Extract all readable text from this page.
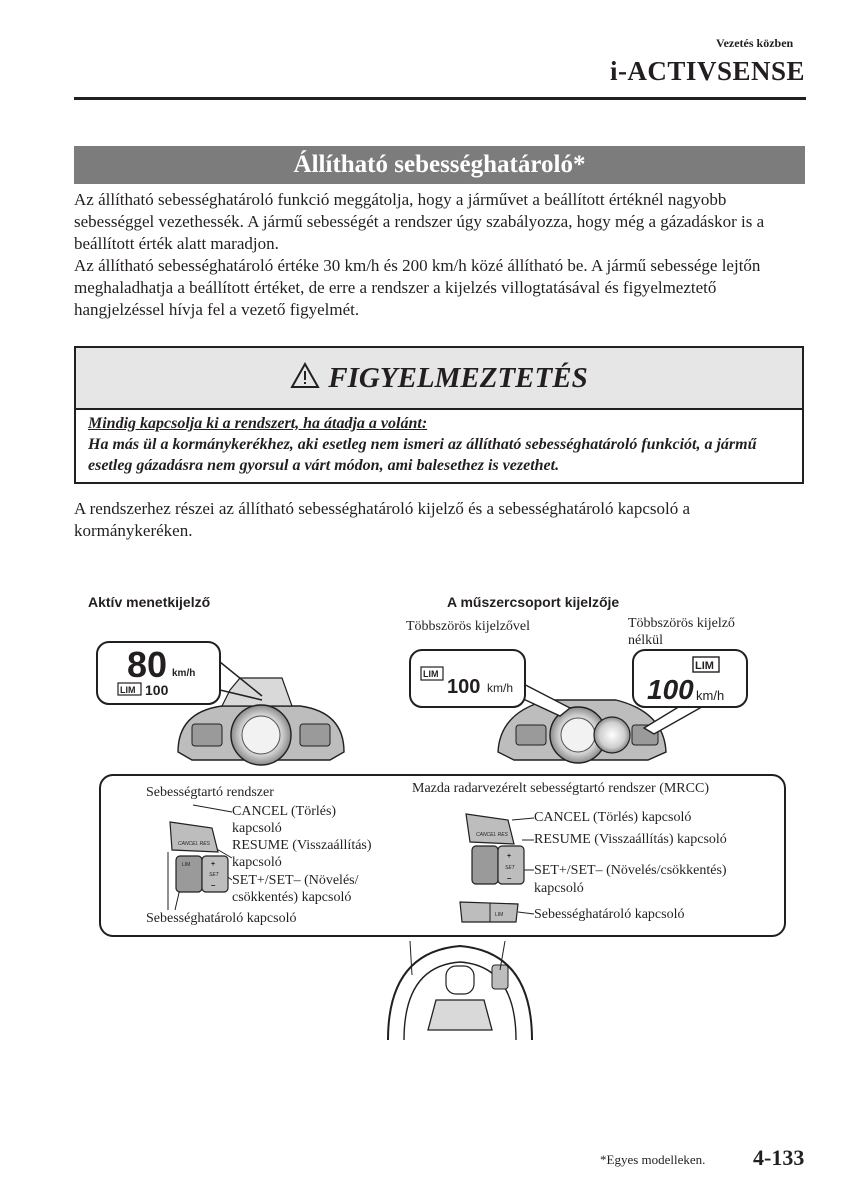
Vezetés közben
i-ACTIVSENSE
Állítható sebességhatároló*

Az állítható sebességhatároló funkció meggátolja, hogy a járművet a beállított értéknél nagyobb sebességgel vezethessék. A jármű sebességét a rendszer úgy szabályozza, hogy még a gázadáskor is a beállított érték alatt maradjon.

Az állítható sebességhatároló értéke 30 km/h és 200 km/h közé állítható be. A jármű sebessége lejtőn meghaladhatja a beállított értéket, de erre a rendszer a kijelzés villogtatásával és figyelmeztető hangjelzéssel hívja fel a vezető figyelmét.

FIGYELMEZTETÉS

Mindig kapcsolja ki a rendszert, ha átadja a volánt:

Ha más ül a kormánykerékhez, aki esetleg nem ismeri az állítható sebességhatároló funkciót, a jármű esetleg gázadásra nem gyorsul a várt módon, ami balesethez is vezethet.

A rendszerhez részei az állítható sebességhatároló kijelző és a sebességhatároló kapcsoló a kormánykeréken.
Aktív menetkijelző	A műszercsoport kijelzője
Többszörös kijelzővel	Többszörös kijelző
nélkül
80 km/h
LIM 100
LIM
100 km/h
LIM
100 km/h
CANCEL RES
LIM	+
SET
–
CANCEL RES
+
SET
–
LIM
Sebességtartó rendszer
CANCEL (Törlés)
kapcsoló
RESUME (Visszaállítás)
kapcsoló
SET+/SET– (Növelés/
csökkentés) kapcsoló
Sebességhatároló kapcsoló
Mazda radarvezérelt sebességtartó rendszer (MRCC)
CANCEL (Törlés) kapcsoló
RESUME (Visszaállítás) kapcsoló
SET+/SET– (Növelés/csökkentés)
kapcsoló
Sebességhatároló kapcsoló
*Egyes modelleken. 4-133
